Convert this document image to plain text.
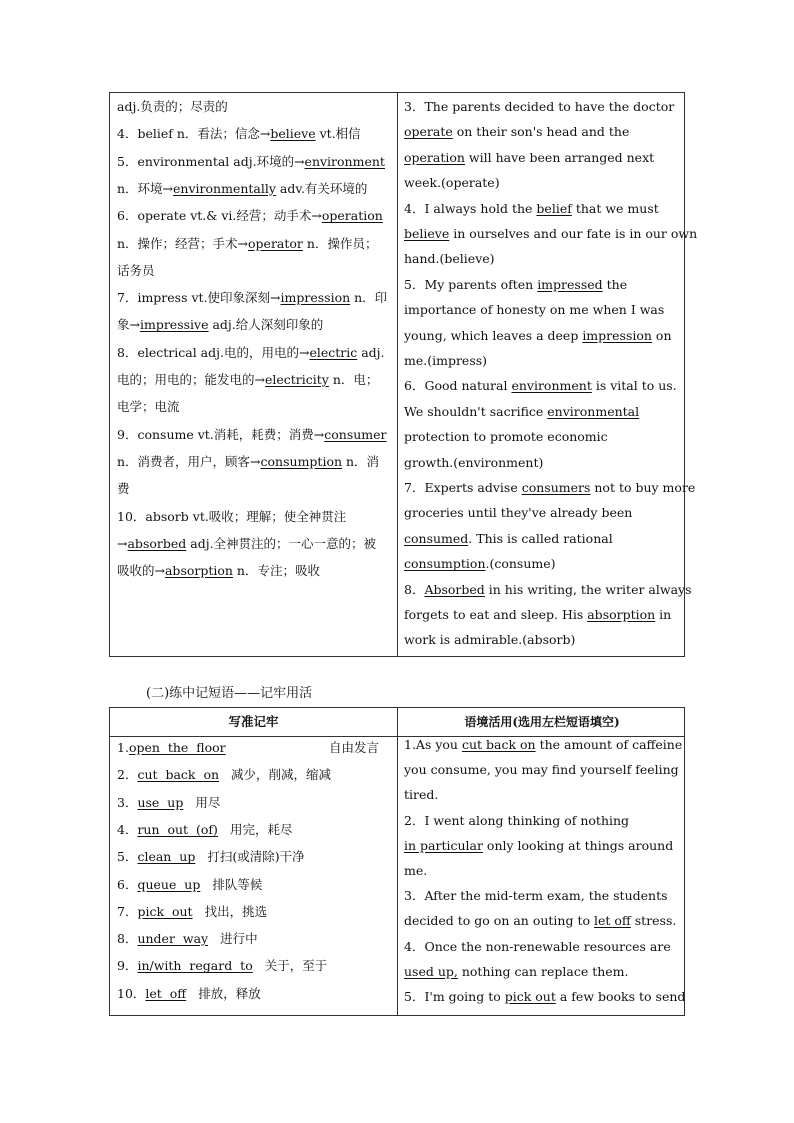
adj.负责的；尽责的
4．belief n．看法；信念→believe vt.相信
5．environmental adj.环境的→environment
n．环境→environmentally adv.有关环境的
6．operate vt.& vi.经营；动手术→operation
n．操作；经营；手术→operator n．操作员；
话务员
7．impress vt.使印象深刻→impression n．印
象→impressive adj.给人深刻印象的
8．electrical adj.电的，用电的→electric adj.
电的；用电的；能发电的→electricity n．电；
电学；电流
9．consume vt.消耗，耗费；消费→consumer
n．消费者，用户，顾客→consumption n．消
费
10．absorb vt.吸收；理解；使全神贯注
→absorbed adj.全神贯注的；一心一意的；被
吸收的→absorption n．专注；吸收
3．The parents decided to have the doctor
operate on their son's head and the
operation will have been arranged next
week.(operate)
4．I always hold the belief that we must
believe in ourselves and our fate is in our own
hand.(believe)
5．My parents often impressed the
importance of honesty on me when I was
young, which leaves a deep impression on
me.(impress)
6．Good natural environment is vital to us.
We shouldn't sacrifice environmental
protection to promote economic
growth.(environment)
7．Experts advise consumers not to buy more
groceries until they've already been
consumed. This is called rational
consumption.(consume)
8．Absorbed in his writing, the writer always
forgets to eat and sleep. His absorption in
work is admirable.(absorb)
(二)练中记短语——记牢用活
写准记牢	语境活用(选用左栏短语填空)
1.open  the  floor	自由发言
2．cut  back  on 减少，削减，缩减
3．use  up 用尽
4．run  out  (of) 用完，耗尽
5．clean  up 打扫(或清除)干净
6．queue  up 排队等候
7．pick  out 找出，挑选
8．under  way 进行中
9．in/with  regard  to 关于，至于
10．let  off 排放，释放
1.As you cut back on the amount of caffeine
you consume, you may find yourself feeling
tired.
2．I went along thinking of nothing
in particular only looking at things around
me.
3．After the mid-term exam, the students
decided to go on an outing to let off stress.
4．Once the non-renewable resources are
used up, nothing can replace them.
5．I'm going to pick out a few books to send
